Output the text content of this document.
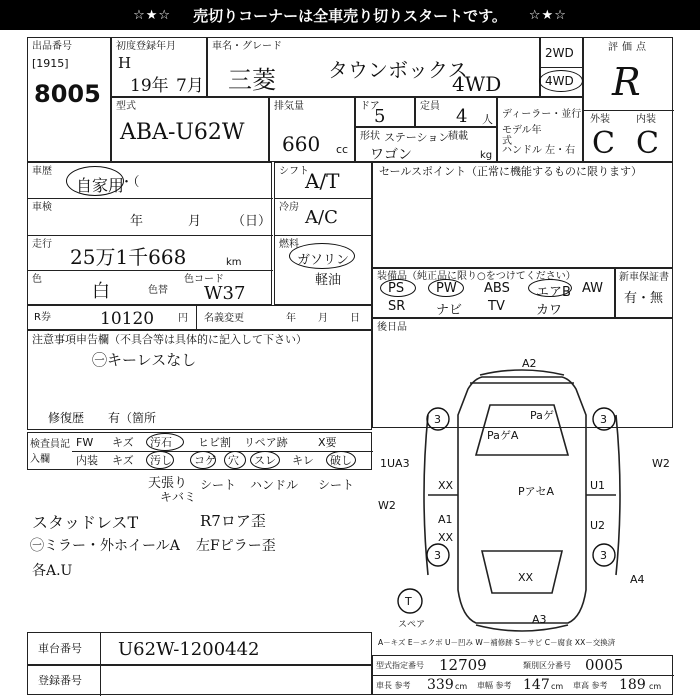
☆★☆ 売切りコーナーは全車売り切りスタートです。 ☆★☆
出品番号
[1915]
8005
初度登録年月
H
19年 7月
車名・グレード
三菱	タウンボックス
4WD
2WD
4WD
評価点
R
外装	内装
C C
型式
ABA-U62W
排気量
660 cc
ドア
5	定員 4 人
形状 ステーション
ワゴン
積載
kg
ディーラー・並行
モデル年式
ハンドル 左・右
車歴
自家用
・（
車検
年	月 （日）
走行
25万1千668	km
色
白	色替
色コード
W37
シフト
A/T
冷房 A/C
燃料
ガソリン
軽油
セールスポイント（正常に機能するものに限ります）
装備品（純正品に限り○をつけてください）
PS PW ABS エアB AW
SR ナビ TV カワ
新車保証書
有・無
後日品
R券	10120 円 名義変更	年 月 日
注意事項申告欄（不具合等は具体的に記入して下さい）
㊀キーレスなし
修復歴 有（箇所
検査員記入欄
FW キズ 汚石 ヒビ割 リペア跡	X要
内装 キズ 汚し コゲ 穴 スレ キレ 破し
天張り シート ハンドル シート
キバミ
スタッドレスT	R7ロア歪
㊀ミラー・外ホイールA 左Fピラー歪
各A.U
車台番号 U62W-1200442
登録番号
A2
PaゲA
Paゲ
3	3
W2
1UA3
W2
XX	PアセA	U1
A1
XX
U2
3	3
A4
XX
A3
T
スペア
A－キズ E－エクボ U－凹み W－補修跡 S－サビ C－腐食 XX－交換済
型式指定番号 12709	類別区分番号 0005
車長 参考 339 cm 車幅 参考 147 cm 車高 参考 189 cm
